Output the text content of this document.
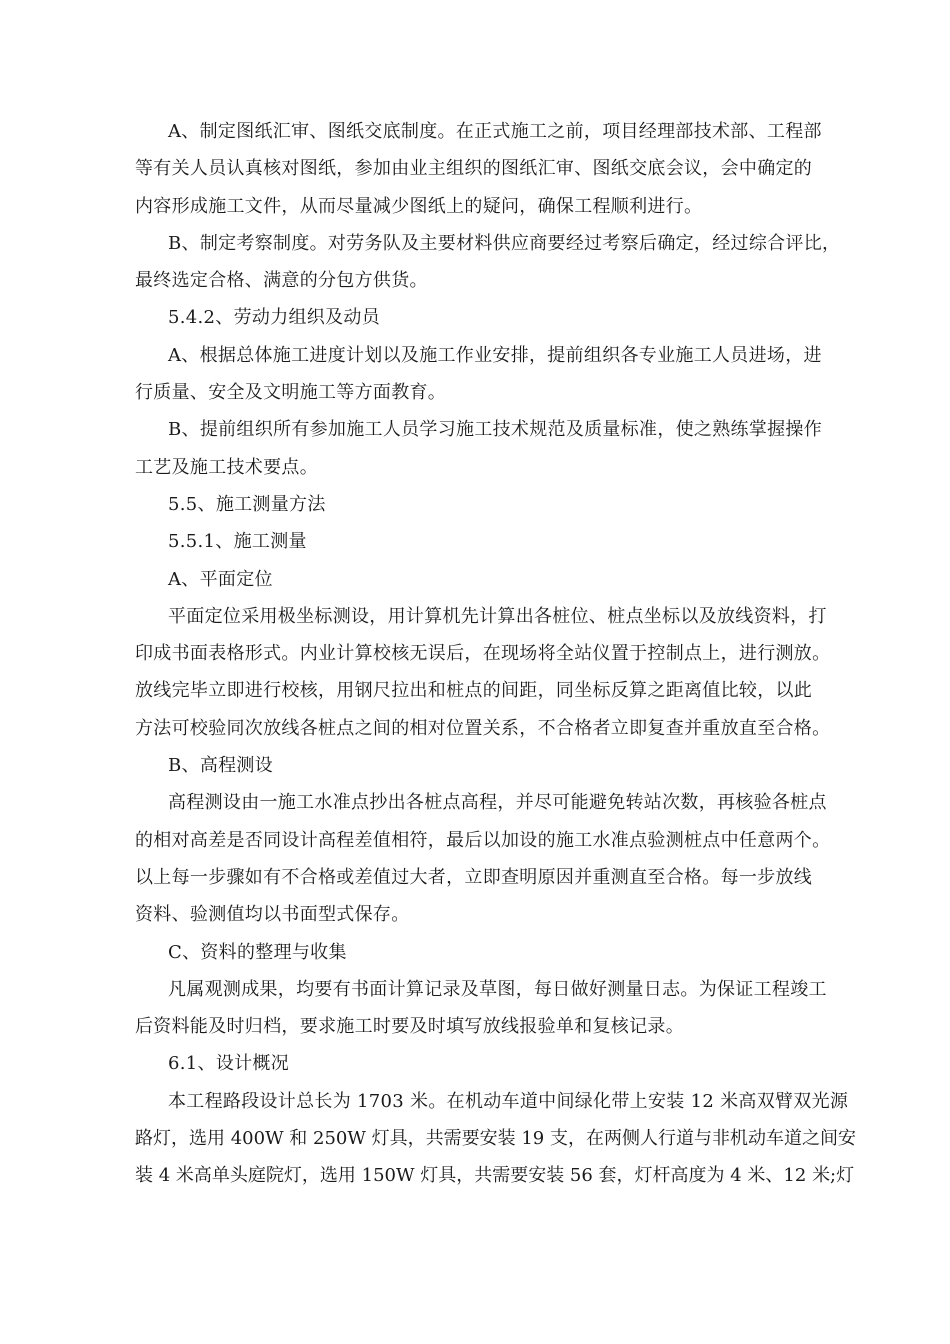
A、制定图纸汇审、图纸交底制度。在正式施工之前，项目经理部技术部、工程部
等有关人员认真核对图纸，参加由业主组织的图纸汇审、图纸交底会议，会中确定的
内容形成施工文件，从而尽量减少图纸上的疑问，确保工程顺利进行。

B、制定考察制度。对劳务队及主要材料供应商要经过考察后确定，经过综合评比，
最终选定合格、满意的分包方供货。

5.4.2、劳动力组织及动员

A、根据总体施工进度计划以及施工作业安排，提前组织各专业施工人员进场，进
行质量、安全及文明施工等方面教育。

B、提前组织所有参加施工人员学习施工技术规范及质量标准，使之熟练掌握操作
工艺及施工技术要点。

5.5、施工测量方法

5.5.1、施工测量

A、平面定位

平面定位采用极坐标测设，用计算机先计算出各桩位、桩点坐标以及放线资料，打
印成书面表格形式。内业计算校核无误后，在现场将全站仪置于控制点上，进行测放。
放线完毕立即进行校核，用钢尺拉出和桩点的间距，同坐标反算之距离值比较，以此
方法可校验同次放线各桩点之间的相对位置关系，不合格者立即复查并重放直至合格。

B、高程测设

高程测设由一施工水准点抄出各桩点高程，并尽可能避免转站次数，再核验各桩点
的相对高差是否同设计高程差值相符，最后以加设的施工水准点验测桩点中任意两个。
以上每一步骤如有不合格或差值过大者，立即查明原因并重测直至合格。每一步放线
资料、验测值均以书面型式保存。

C、资料的整理与收集

凡属观测成果，均要有书面计算记录及草图，每日做好测量日志。为保证工程竣工
后资料能及时归档，要求施工时要及时填写放线报验单和复核记录。

6.1、设计概况

本工程路段设计总长为 1703 米。在机动车道中间绿化带上安装 12 米高双臂双光源
路灯，选用 400W 和 250W 灯具，共需要安装 19 支，在两侧人行道与非机动车道之间安
装 4 米高单头庭院灯，选用 150W 灯具，共需要安装 56 套，灯杆高度为 4 米、12 米;灯
